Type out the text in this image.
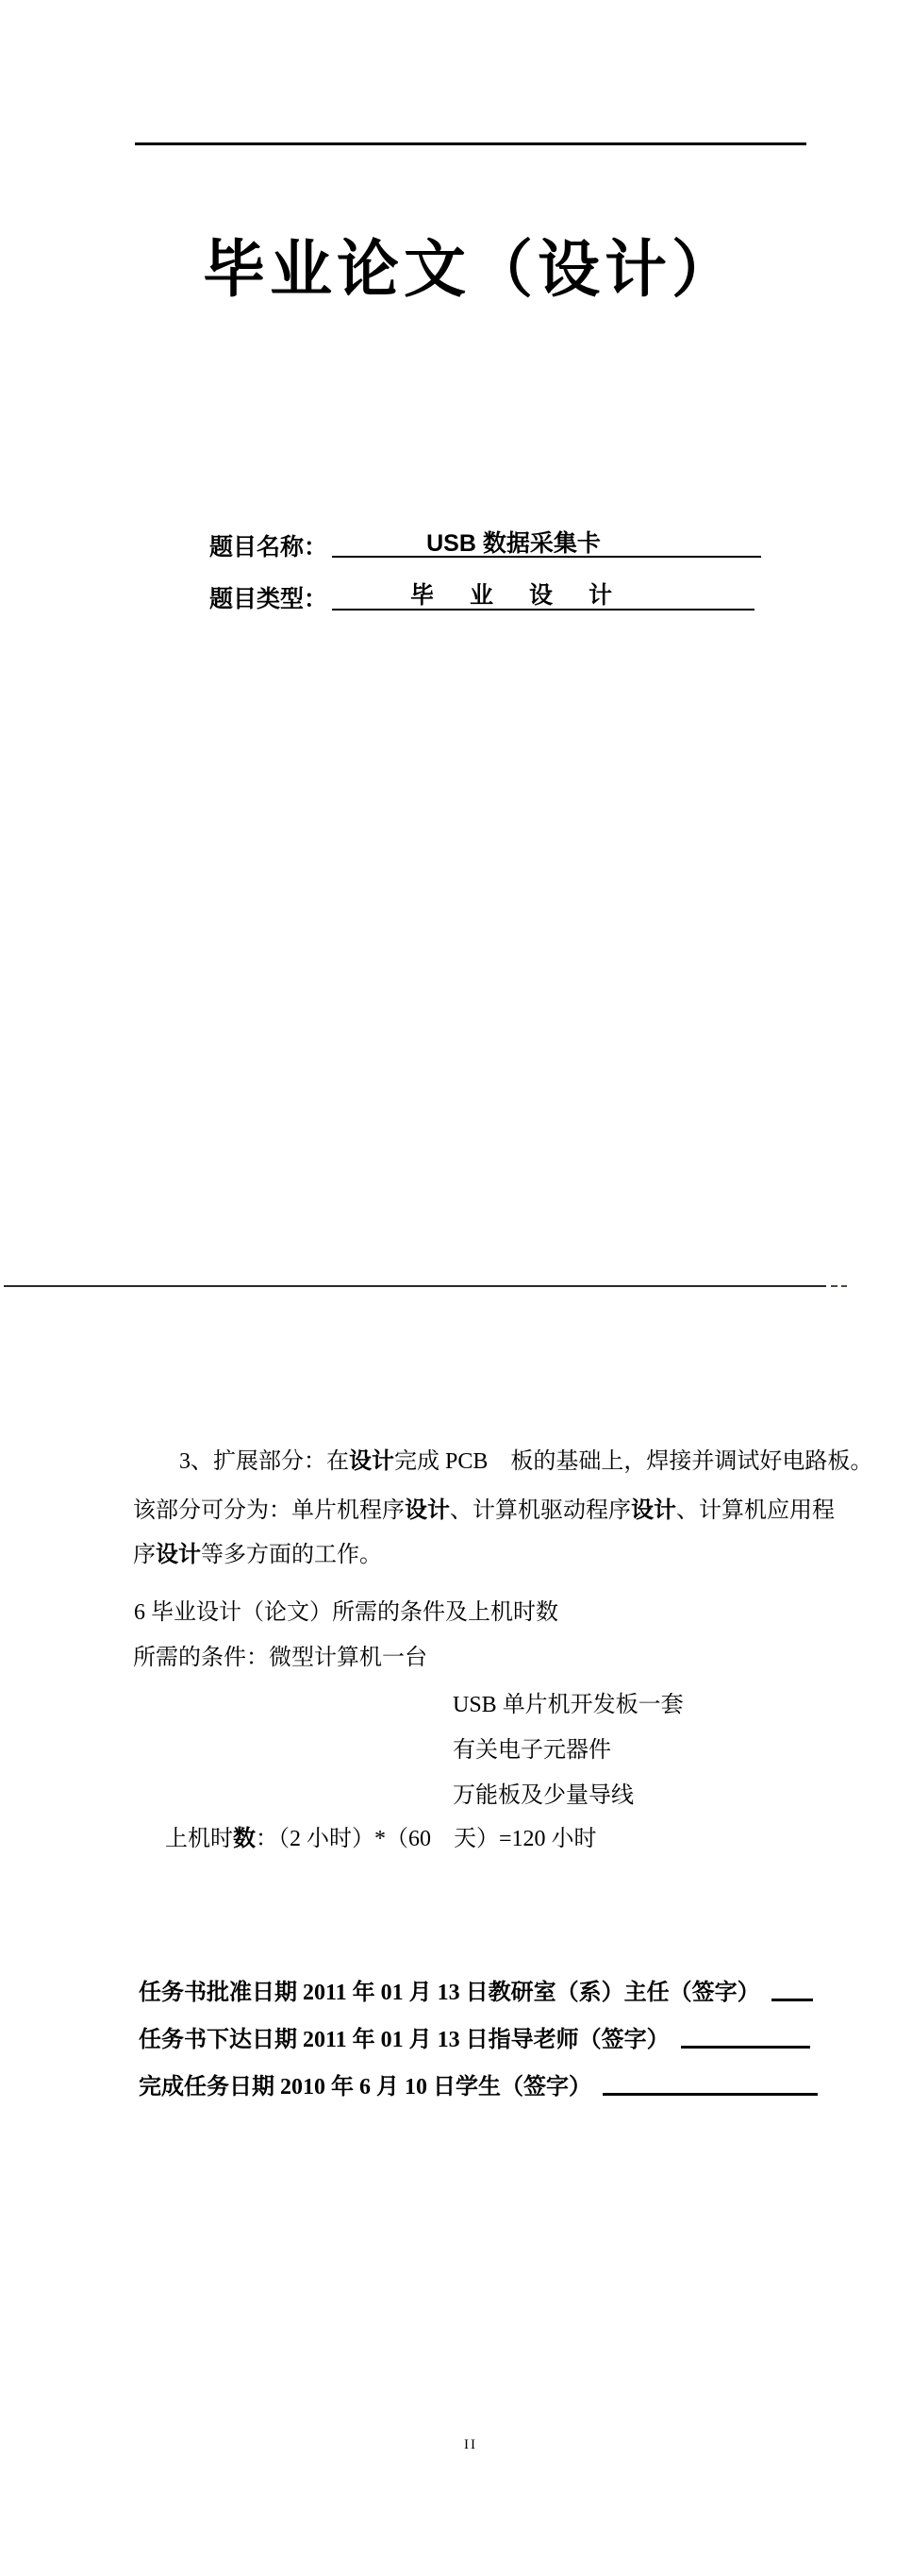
毕业论文（设计）
题目名称：	USB 数据采集卡
题目类型：	毕业设计
3、扩展部分：在设计完成 PCB　板的基础上，焊接并调试好电路板。
该部分可分为：单片机程序设计、计算机驱动程序设计、计算机应用程
序设计等多方面的工作。
6 毕业设计（论文）所需的条件及上机时数
所需的条件：微型计算机一台
USB 单片机开发板一套
有关电子元器件
万能板及少量导线
上机时数：（2 小时）*（60　天）=120 小时
任务书批准日期 2011 年 01 月 13 日教研室（系）主任（签字）
任务书下达日期 2011 年 01 月 13 日指导老师（签字）
完成任务日期 2010 年 6 月 10 日学生（签字）
II
